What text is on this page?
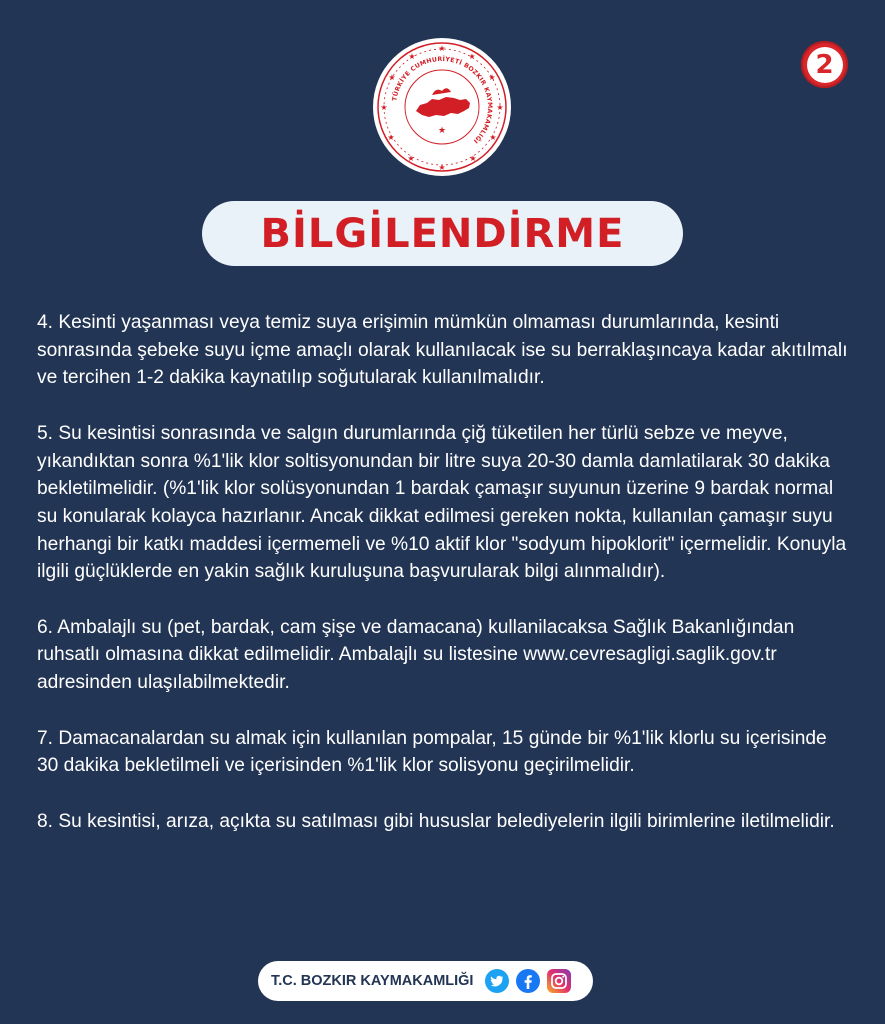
★
★
★
★
★
★
★
★
★
★
★
★
TÜRKİYE CUMHURİYETİ BOZKIR KAYMAKAMLIĞI
★
2
BİLGİLENDİRME

4. Kesinti yaşanması veya temiz suya erişimin mümkün olmaması durumlarında, kesinti sonrasında şebeke suyu içme amaçlı olarak kullanılacak ise su berraklaşıncaya kadar akıtılmalı ve tercihen 1-2 dakika kaynatılıp soğutularak kullanılmalıdır.

5. Su kesintisi sonrasında ve salgın durumlarında çiğ tüketilen her türlü sebze ve meyve, yıkandıktan sonra %1'lik klor soltisyonundan bir litre suya 20-30 damla damlatilarak 30 dakika bekletilmelidir. (%1'lik klor solüsyonundan 1 bardak çamaşır suyunun üzerine 9 bardak normal su konularak kolayca hazırlanır. Ancak dikkat edilmesi gereken nokta, kullanılan çamaşır suyu herhangi bir katkı maddesi içermemeli ve %10 aktif klor "sodyum hipoklorit" içermelidir. Konuyla ilgili güçlüklerde en yakin sağlık kuruluşuna başvurularak bilgi alınmalıdır).

6. Ambalajlı su (pet, bardak, cam şişe ve damacana) kullanilacaksa Sağlık Bakanlığından ruhsatlı olmasına dikkat edilmelidir. Ambalajlı su listesine www.cevresagligi.saglik.gov.tr adresinden ulaşılabilmektedir.

7. Damacanalardan su almak için kullanılan pompalar, 15 günde bir %1'lik klorlu su içerisinde 30 dakika bekletilmeli ve içerisinden %1'lik klor solisyonu geçirilmelidir.

8. Su kesintisi, arıza, açıkta su satılması gibi hususlar belediyelerin ilgili birimlerine iletilmelidir.

T.C. BOZKIR KAYMAKAMLIĞI
